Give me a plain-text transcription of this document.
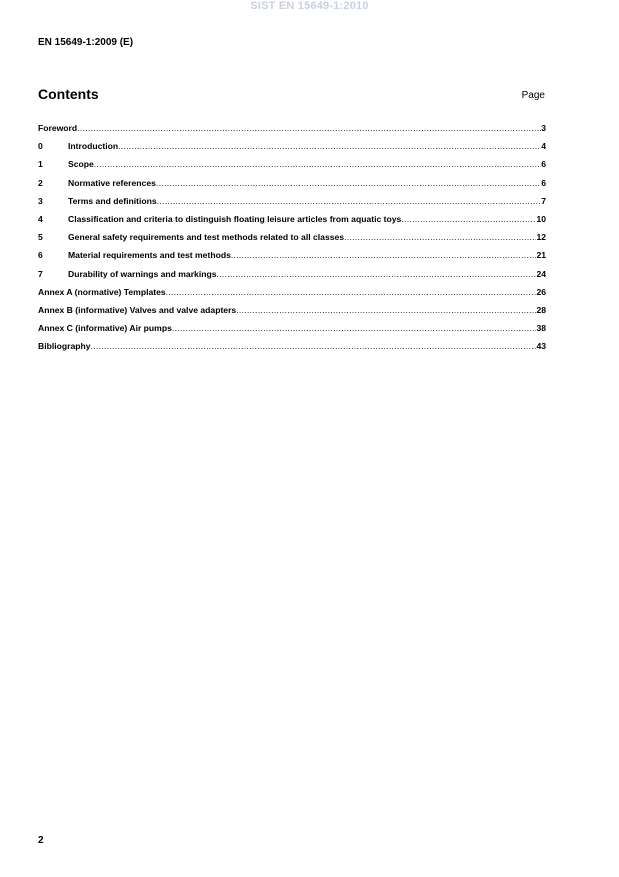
SIST EN 15649-1:2010
EN 15649-1:2009 (E)
Contents	Page
Foreword .....	3
0	Introduction .....	4
1	Scope .....	6
2	Normative references .....	6
3	Terms and definitions .....	7
4	Classification and criteria to distinguish floating leisure articles from aquatic toys .....	10
5	General safety requirements and test methods related to all classes .....	12
6	Material requirements and test methods .....	21
7	Durability of warnings and markings .....	24
Annex A (normative) Templates .....	26
Annex B (informative) Valves and valve adapters .....	28
Annex C (informative) Air pumps .....	38
Bibliography .....	43
2
